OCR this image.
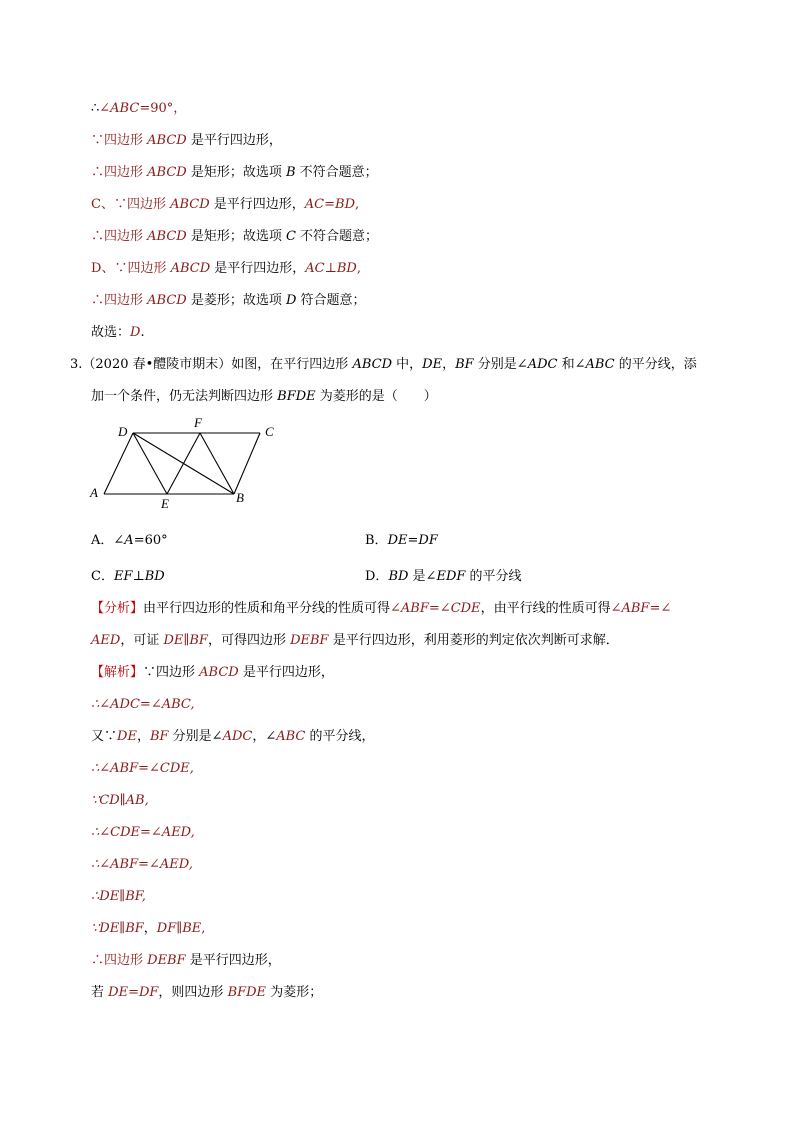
∴∠ABC=90°，
∵四边形 ABCD 是平行四边形，
∴四边形 ABCD 是矩形；故选项 B 不符合题意；
C、∵四边形 ABCD 是平行四边形，AC=BD,
∴四边形 ABCD 是矩形；故选项 C 不符合题意；
D、∵四边形 ABCD 是平行四边形，AC⊥BD,
∴四边形 ABCD 是菱形；故选项 D 符合题意；
故选：D.
3.（2020 春•醴陵市期末）如图，在平行四边形 ABCD 中，DE，BF 分别是∠ADC 和∠ABC 的平分线，添
加一个条件，仍无法判断四边形 BFDE 为菱形的是（　　）
D
F
C
A
E	B
A．∠A=60°	B．DE=DF
C．EF⊥BD	D．BD 是∠EDF 的平分线
【分析】由平行四边形的性质和角平分线的性质可得∠ABF=∠CDE，由平行线的性质可得∠ABF=∠
AED，可证 DE∥BF，可得四边形 DEBF 是平行四边形，利用菱形的判定依次判断可求解．
【解析】∵四边形 ABCD 是平行四边形，
∴∠ADC=∠ABC,
又∵DE，BF 分别是∠ADC，∠ABC 的平分线，
∴∠ABF=∠CDE,
∵CD∥AB,
∴∠CDE=∠AED,
∴∠ABF=∠AED,
∴DE∥BF,
∵DE∥BF，DF∥BE,
∴四边形 DEBF 是平行四边形，
若 DE=DF，则四边形 BFDE 为菱形；
